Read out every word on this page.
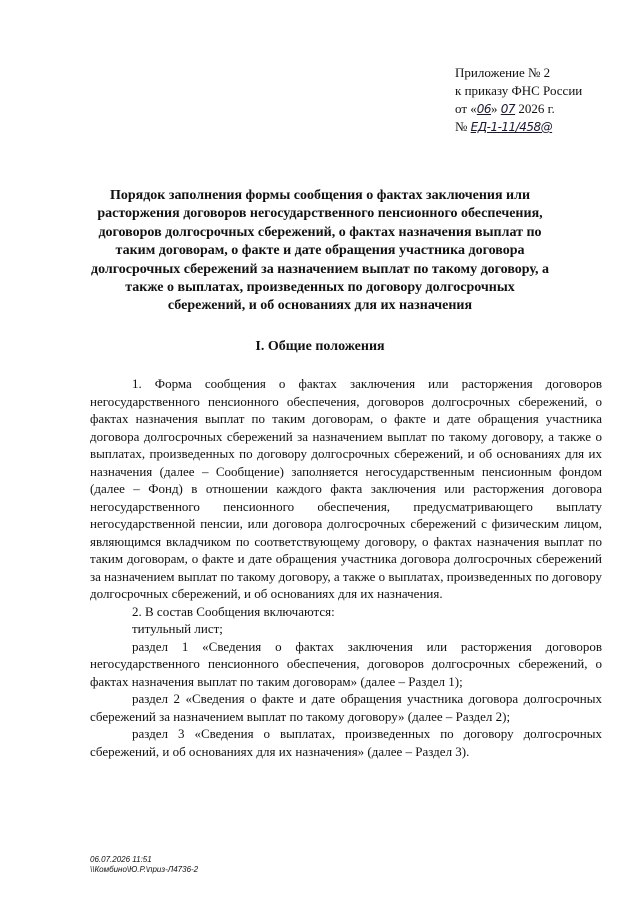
Приложение № 2
к приказу ФНС России
от «06» 07 2026 г.
№ ЕД-1-11/458@
Порядок заполнения формы сообщения о фактах заключения или расторжения договоров негосударственного пенсионного обеспечения, договоров долгосрочных сбережений, о фактах назначения выплат по таким договорам, о факте и дате обращения участника договора долгосрочных сбережений за назначением выплат по такому договору, а также о выплатах, произведенных по договору долгосрочных сбережений, и об основаниях для их назначения
I. Общие положения

1. Форма сообщения о фактах заключения или расторжения договоров негосударственного пенсионного обеспечения, договоров долгосрочных сбережений, о фактах назначения выплат по таким договорам, о факте и дате обращения участника договора долгосрочных сбережений за назначением выплат по такому договору, а также о выплатах, произведенных по договору долгосрочных сбережений, и об основаниях для их назначения (далее – Сообщение) заполняется негосударственным пенсионным фондом (далее – Фонд) в отношении каждого факта заключения или расторжения договора негосударственного пенсионного обеспечения, предусматривающего выплату негосударственной пенсии, или договора долгосрочных сбережений с физическим лицом, являющимся вкладчиком по соответствующему договору, о фактах назначения выплат по таким договорам, о факте и дате обращения участника договора долгосрочных сбережений за назначением выплат по такому договору, а также о выплатах, произведенных по договору долгосрочных сбережений, и об основаниях для их назначения.

2. В состав Сообщения включаются:

титульный лист;

раздел 1 «Сведения о фактах заключения или расторжения договоров негосударственного пенсионного обеспечения, договоров долгосрочных сбережений, о фактах назначения выплат по таким договорам» (далее – Раздел 1);

раздел 2 «Сведения о факте и дате обращения участника договора долгосрочных сбережений за назначением выплат по такому договору» (далее – Раздел 2);

раздел 3 «Сведения о выплатах, произведенных по договору долгосрочных сбережений, и об основаниях для их назначения» (далее – Раздел 3).

06.07.2026 11:51
\\Комбино\Ю.Р.\приз-Л4736-2
